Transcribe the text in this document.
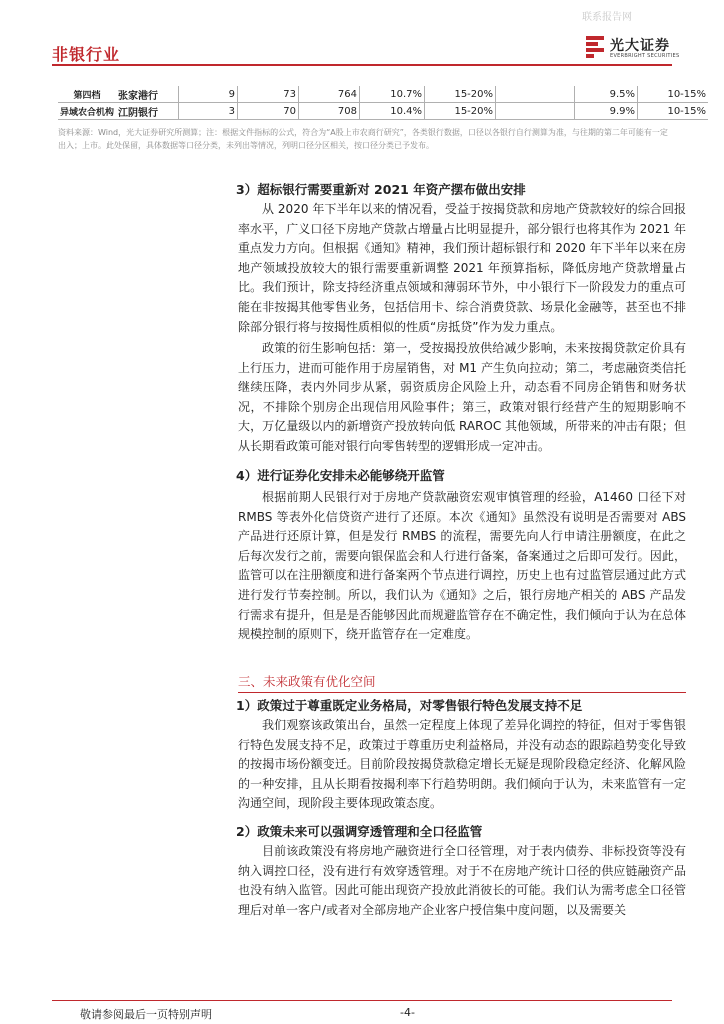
联系报告网
非银行业	光大证券
EVERBRIGHT SECURITIES
第四档	张家港行	9	73	764	10.7%	15-20%		9.5%	10-15%
异域农合机构	江阴银行	3	70	708	10.4%	15-20%		9.9%	10-15%
资料来源：Wind，光大证券研究所测算；注：根据文件指标的公式，符合为“A股上市农商行研究”，各类银行数据，口径以各银行自行测算为准，与往期的第二年可能有一定出入；上市。此处保留，具体数据等口径分类，未列出等情况，列明口径分区相关，按口径分类已予发布。
3）超标银行需要重新对 2021 年资产摆布做出安排

从 2020 年下半年以来的情况看，受益于按揭贷款和房地产贷款较好的综合回报率水平，广义口径下房地产贷款占增量占比明显提升，部分银行也将其作为 2021 年重点发力方向。但根据《通知》精神，我们预计超标银行和 2020 年下半年以来在房地产领域投放较大的银行需要重新调整 2021 年预算指标，降低房地产贷款增量占比。我们预计，除支持经济重点领域和薄弱环节外，中小银行下一阶段发力的重点可能在非按揭其他零售业务，包括信用卡、综合消费贷款、场景化金融等，甚至也不排除部分银行将与按揭性质相似的性质“房抵贷”作为发力重点。

政策的衍生影响包括：第一，受按揭投放供给减少影响，未来按揭贷款定价具有上行压力，进而可能作用于房屋销售，对 M1 产生负向拉动；第二，考虑融资类信托继续压降，表内外同步从紧，弱资质房企风险上升，动态看不同房企销售和财务状况，不排除个别房企出现信用风险事件；第三，政策对银行经营产生的短期影响不大，万亿量级以内的新增资产投放转向低 RAROC 其他领域，所带来的冲击有限；但从长期看政策可能对银行向零售转型的逻辑形成一定冲击。

4）进行证券化安排未必能够绕开监管

根据前期人民银行对于房地产贷款融资宏观审慎管理的经验，A1460 口径下对 RMBS 等表外化信贷资产进行了还原。本次《通知》虽然没有说明是否需要对 ABS 产品进行还原计算，但是发行 RMBS 的流程，需要先向人行申请注册额度，在此之后每次发行之前，需要向银保监会和人行进行备案，备案通过之后即可发行。因此，监管可以在注册额度和进行备案两个节点进行调控，历史上也有过监管层通过此方式进行发行节奏控制。所以，我们认为《通知》之后，银行房地产相关的 ABS 产品发行需求有提升，但是是否能够因此而规避监管存在不确定性，我们倾向于认为在总体规模控制的原则下，绕开监管存在一定难度。

三、未来政策有优化空间
1）政策过于尊重既定业务格局，对零售银行特色发展支持不足

我们观察该政策出台，虽然一定程度上体现了差异化调控的特征，但对于零售银行特色发展支持不足，政策过于尊重历史利益格局，并没有动态的跟踪趋势变化导致的按揭市场份额变迁。目前阶段按揭贷款稳定增长无疑是现阶段稳定经济、化解风险的一种安排，且从长期看按揭利率下行趋势明朗。我们倾向于认为，未来监管有一定沟通空间，现阶段主要体现政策态度。

2）政策未来可以强调穿透管理和全口径监管

目前该政策没有将房地产融资进行全口径管理，对于表内债券、非标投资等没有纳入调控口径，没有进行有效穿透管理。对于不在房地产统计口径的供应链融资产品也没有纳入监管。因此可能出现资产投放此消彼长的可能。我们认为需考虑全口径管理后对单一客户/或者对全部房地产企业客户授信集中度问题，以及需要关

敬请参阅最后一页特别声明	-4-
